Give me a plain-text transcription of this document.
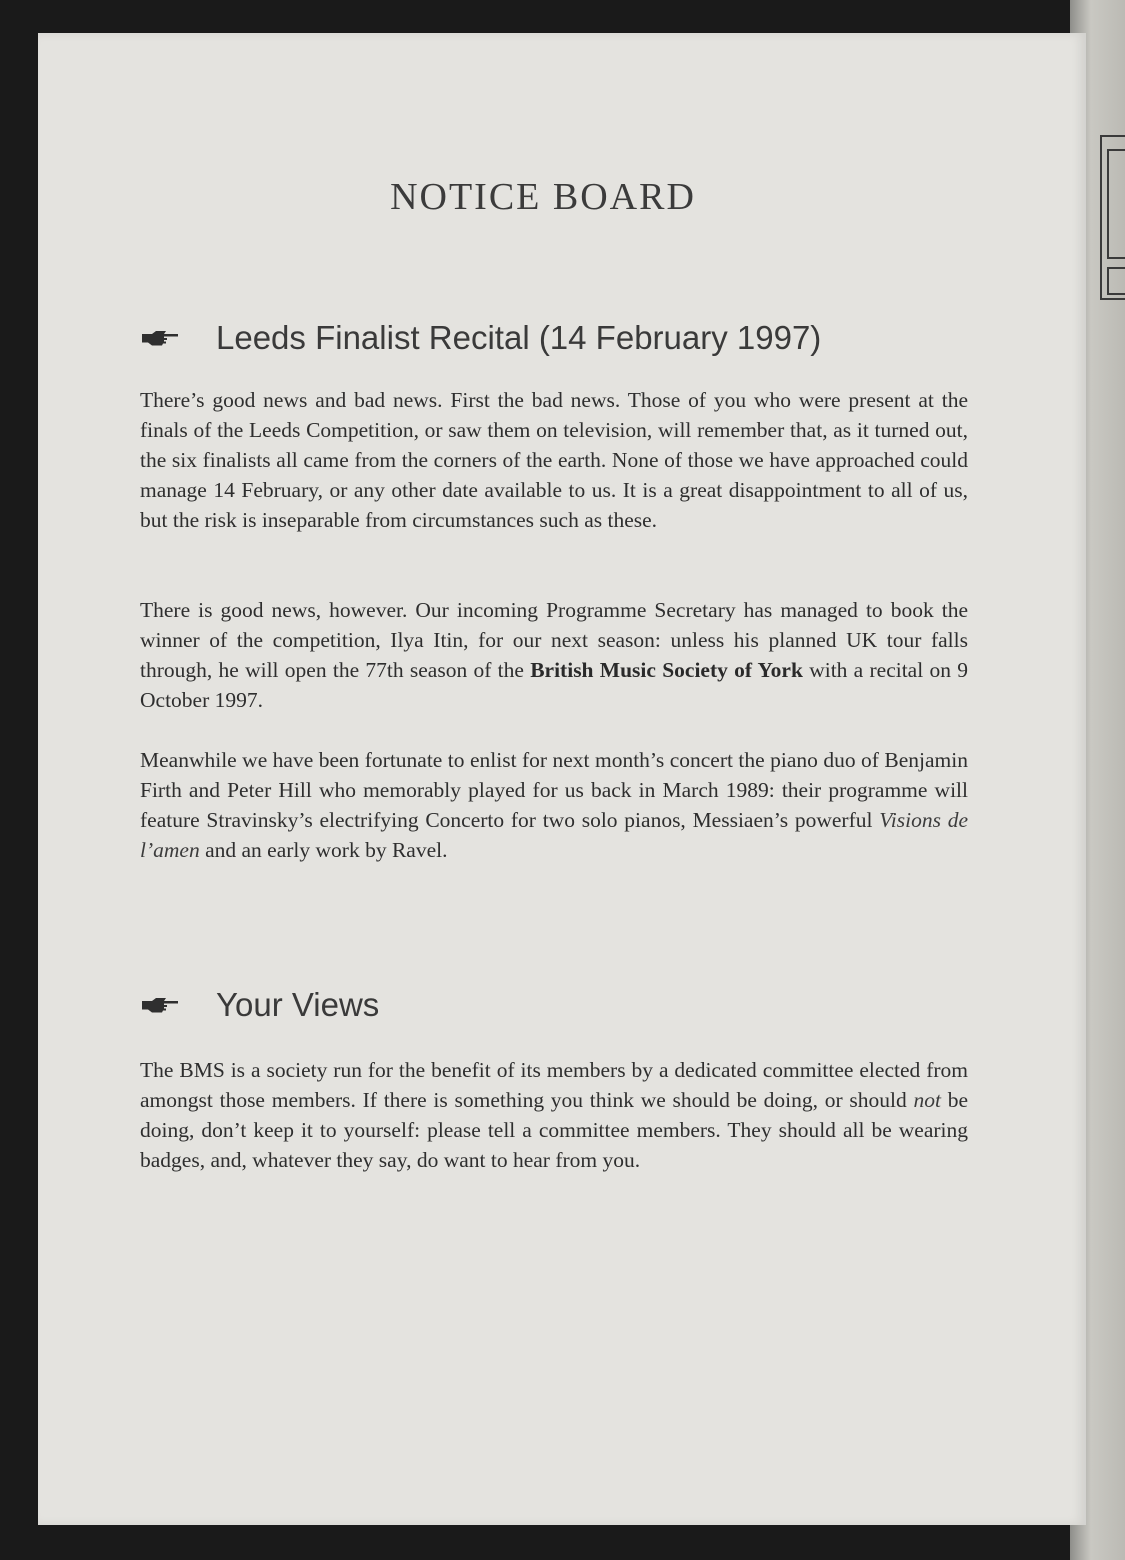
NOTICE BOARD
Leeds Finalist Recital (14 February 1997)

There’s good news and bad news. First the bad news. Those of you who were present at the finals of the Leeds Competition, or saw them on television, will remember that, as it turned out, the six finalists all came from the corners of the earth. None of those we have approached could manage 14 February, or any other date available to us. It is a great disappointment to all of us, but the risk is inseparable from circumstances such as these.

There is good news, however. Our incoming Programme Secretary has managed to book the winner of the competition, Ilya Itin, for our next season: unless his planned UK tour falls through, he will open the 77th season of the British Music Society of York with a recital on 9 October 1997.

Meanwhile we have been fortunate to enlist for next month’s concert the piano duo of Benjamin Firth and Peter Hill who memorably played for us back in March 1989: their programme will feature Stravinsky’s electrifying Concerto for two solo pianos, Messiaen’s powerful Visions de l’amen and an early work by Ravel.

Your Views

The BMS is a society run for the benefit of its members by a dedicated committee elected from amongst those members. If there is something you think we should be doing, or should not be doing, don’t keep it to yourself: please tell a committee members. They should all be wearing badges, and, whatever they say, do want to hear from you.
